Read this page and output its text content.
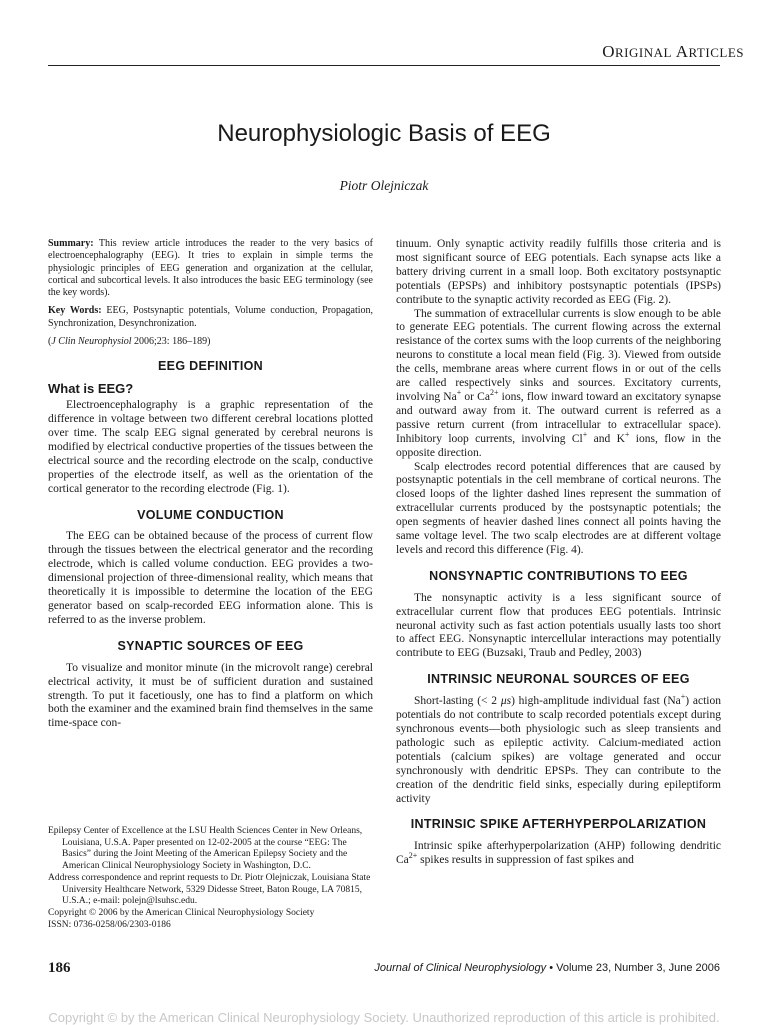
ORIGINAL ARTICLES
Neurophysiologic Basis of EEG
Piotr Olejniczak

Summary: This review article introduces the reader to the very basics of electroencephalography (EEG). It tries to explain in simple terms the physiologic principles of EEG generation and organization at the cellular, cortical and subcortical levels. It also introduces the basic EEG terminology (see the key words).

Key Words: EEG, Postsynaptic potentials, Volume conduction, Propagation, Synchronization, Desynchronization.

(J Clin Neurophysiol 2006;23: 186–189)

EEG DEFINITION
What is EEG?

Electroencephalography is a graphic representation of the difference in voltage between two different cerebral locations plotted over time. The scalp EEG signal generated by cerebral neurons is modified by electrical conductive properties of the tissues between the electrical source and the recording electrode on the scalp, conductive properties of the electrode itself, as well as the orientation of the cortical generator to the recording electrode (Fig. 1).

VOLUME CONDUCTION

The EEG can be obtained because of the process of current flow through the tissues between the electrical generator and the recording electrode, which is called volume conduction. EEG provides a two-dimensional projection of three-dimensional reality, which means that theoretically it is impossible to determine the location of the EEG generator based on scalp-recorded EEG information alone. This is referred to as the inverse problem.

SYNAPTIC SOURCES OF EEG

To visualize and monitor minute (in the microvolt range) cerebral electrical activity, it must be of sufficient duration and sustained strength. To put it facetiously, one has to find a platform on which both the examiner and the examined brain find themselves in the same time-space con-

tinuum. Only synaptic activity readily fulfills those criteria and is most significant source of EEG potentials. Each synapse acts like a battery driving current in a small loop. Both excitatory postsynaptic potentials (EPSPs) and inhibitory postsynaptic potentials (IPSPs) contribute to the synaptic activity recorded as EEG (Fig. 2).

The summation of extracellular currents is slow enough to be able to generate EEG potentials. The current flowing across the external resistance of the cortex sums with the loop currents of the neighboring neurons to constitute a local mean field (Fig. 3). Viewed from outside the cells, membrane areas where current flows in or out of the cells are called respectively sinks and sources. Excitatory currents, involving Na+ or $Ca^{2+}$ ions, flow inward toward an excitatory synapse and outward away from it. The outward current is referred as a passive return current (from intracellular to extracellular space). Inhibitory loop currents, involving Cl+ and K+ ions, flow in the opposite direction.

Scalp electrodes record potential differences that are caused by postsynaptic potentials in the cell membrane of cortical neurons. The closed loops of the lighter dashed lines represent the summation of extracellular currents produced by the postsynaptic potentials; the open segments of heavier dashed lines connect all points having the same voltage level. The two scalp electrodes are at different voltage levels and record this difference (Fig. 4).

NONSYNAPTIC CONTRIBUTIONS TO EEG

The nonsynaptic activity is a less significant source of extracellular current flow that produces EEG potentials. Intrinsic neuronal activity such as fast action potentials usually lasts too short to affect EEG. Nonsynaptic intercellular interactions may potentially contribute to EEG (Buzsaki, Traub and Pedley, 2003)

INTRINSIC NEURONAL SOURCES OF EEG

Short-lasting (< 2 μs) high-amplitude individual fast (Na+) action potentials do not contribute to scalp recorded potentials except during synchronous events—both physiologic such as sleep transients and pathologic such as epileptic activity. Calcium-mediated action potentials (calcium spikes) are voltage generated and occur synchronously with dendritic EPSPs. They can contribute to the creation of the dendritic field sinks, especially during epileptiform activity

INTRINSIC SPIKE AFTERHYPERPOLARIZATION

Intrinsic spike afterhyperpolarization (AHP) following dendritic $Ca^{2+}$ spikes results in suppression of fast spikes and

Epilepsy Center of Excellence at the LSU Health Sciences Center in New Orleans, Louisiana, U.S.A. Paper presented on 12-02-2005 at the course “EEG: The Basics” during the Joint Meeting of the American Epilepsy Society and the American Clinical Neurophysiology Society in Washington, D.C.

Address correspondence and reprint requests to Dr. Piotr Olejniczak, Louisiana State University Healthcare Network, 5329 Didesse Street, Baton Rouge, LA 70815, U.S.A.; e-mail: polejn@lsuhsc.edu.

Copyright © 2006 by the American Clinical Neurophysiology Society

ISSN: 0736-0258/06/2303-0186

186	Journal of Clinical Neurophysiology • Volume 23, Number 3, June 2006
Copyright © by the American Clinical Neurophysiology Society. Unauthorized reproduction of this article is prohibited.
